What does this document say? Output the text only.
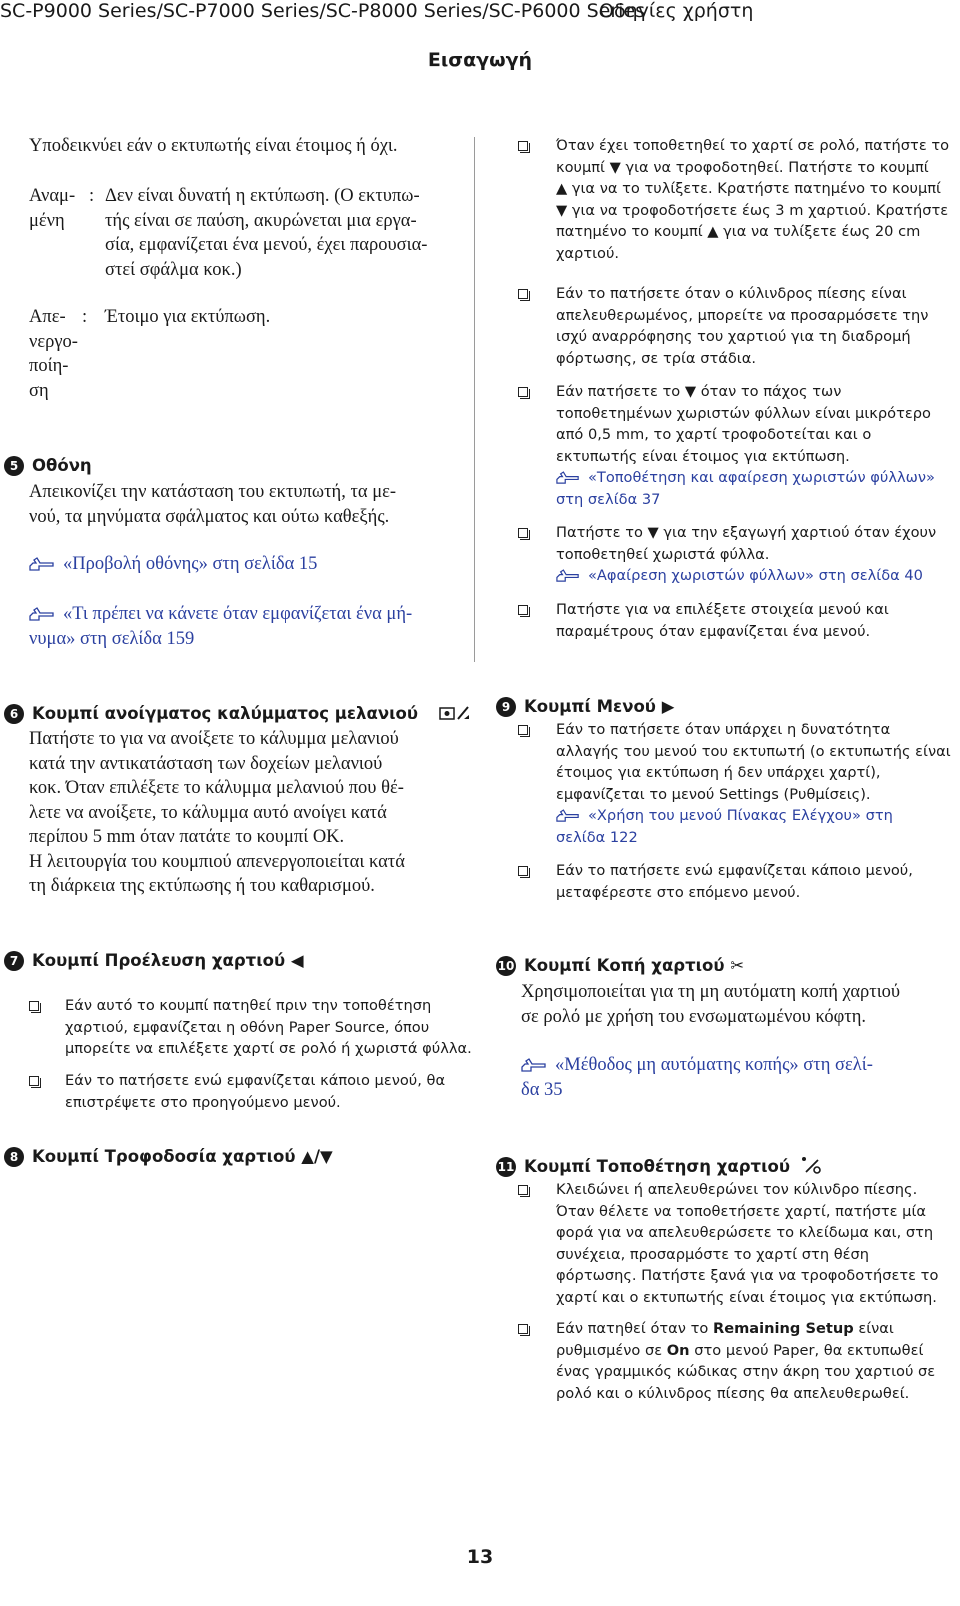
SC-P9000 Series/SC-P7000 Series/SC-P8000 Series/SC-P6000 Series
Οδηγίες χρήστη
Εισαγωγή
Υποδεικνύει εάν ο εκτυπωτής είναι έτοιμος ή όχι.
Αναμ-
μένη
: Δεν είναι δυνατή η εκτύπωση. (Ο εκτυπω-
τής είναι σε παύση, ακυρώνεται μια εργα-
σία, εμφανίζεται ένα μενού, έχει παρουσια-
στεί σφάλμα κοκ.)
Απε-
νεργο-
ποίη-
ση
: Έτοιμο για εκτύπωση.
5 Οθόνη
Απεικονίζει την κατάσταση του εκτυπωτή, τα με-
νού, τα μηνύματα σφάλματος και ούτω καθεξής.
«Προβολή οθόνης» στη σελίδα 15
«Τι πρέπει να κάνετε όταν εμφανίζεται ένα μή-
νυμα» στη σελίδα 159
Όταν έχει τοποθετηθεί το χαρτί σε ρολό, πατήστε το
κουμπί ▼ για να τροφοδοτηθεί. Πατήστε το κουμπί
▲ για να το τυλίξετε. Κρατήστε πατημένο το κουμπί
▼ για να τροφοδοτήσετε έως 3 m χαρτιού. Κρατήστε
πατημένο το κουμπί ▲ για να τυλίξετε έως 20 cm
χαρτιού.
Εάν το πατήσετε όταν ο κύλινδρος πίεσης είναι
απελευθερωμένος, μπορείτε να προσαρμόσετε την
ισχύ αναρρόφησης του χαρτιού για τη διαδρομή
φόρτωσης, σε τρία στάδια.
Εάν πατήσετε το ▼ όταν το πάχος των
τοποθετημένων χωριστών φύλλων είναι μικρότερο
από 0,5 mm, το χαρτί τροφοδοτείται και ο
εκτυπωτής είναι έτοιμος για εκτύπωση.
«Τοποθέτηση και αφαίρεση χωριστών φύλλων»
στη σελίδα 37
Πατήστε το ▼ για την εξαγωγή χαρτιού όταν έχουν
τοποθετηθεί χωριστά φύλλα.
«Αφαίρεση χωριστών φύλλων» στη σελίδα 40
Πατήστε για να επιλέξετε στοιχεία μενού και
παραμέτρους όταν εμφανίζεται ένα μενού.
6 Κουμπί ανοίγματος καλύμματος μελανιού
Πατήστε το για να ανοίξετε το κάλυμμα μελανιού
κατά την αντικατάσταση των δοχείων μελανιού
κοκ. Όταν επιλέξετε το κάλυμμα μελανιού που θέ-
λετε να ανοίξετε, το κάλυμμα αυτό ανοίγει κατά
περίπου 5 mm όταν πατάτε το κουμπί OK.
Η λειτουργία του κουμπιού απενεργοποιείται κατά
τη διάρκεια της εκτύπωσης ή του καθαρισμού.
7 Κουμπί Προέλευση χαρτιού ◀
Εάν αυτό το κουμπί πατηθεί πριν την τοποθέτηση
χαρτιού, εμφανίζεται η οθόνη Paper Source, όπου
μπορείτε να επιλέξετε χαρτί σε ρολό ή χωριστά φύλλα.
Εάν το πατήσετε ενώ εμφανίζεται κάποιο μενού, θα
επιστρέψετε στο προηγούμενο μενού.
8 Κουμπί Τροφοδοσία χαρτιού ▲/▼
9 Κουμπί Μενού ▶
Εάν το πατήσετε όταν υπάρχει η δυνατότητα
αλλαγής του μενού του εκτυπωτή (ο εκτυπωτής είναι
έτοιμος για εκτύπωση ή δεν υπάρχει χαρτί),
εμφανίζεται το μενού Settings (Ρυθμίσεις).
«Χρήση του μενού Πίνακας Ελέγχου» στη
σελίδα 122
Εάν το πατήσετε ενώ εμφανίζεται κάποιο μενού,
μεταφέρεστε στο επόμενο μενού.
10 Κουμπί Κοπή χαρτιού ✂
Χρησιμοποιείται για τη μη αυτόματη κοπή χαρτιού
σε ρολό με χρήση του ενσωματωμένου κόφτη.
«Μέθοδος μη αυτόματης κοπής» στη σελί-
δα 35
11 Κουμπί Τοποθέτηση χαρτιού
Κλειδώνει ή απελευθερώνει τον κύλινδρο πίεσης.
Όταν θέλετε να τοποθετήσετε χαρτί, πατήστε μία
φορά για να απελευθερώσετε το κλείδωμα και, στη
συνέχεια, προσαρμόστε το χαρτί στη θέση
φόρτωσης. Πατήστε ξανά για να τροφοδοτήσετε το
χαρτί και ο εκτυπωτής είναι έτοιμος για εκτύπωση.
Εάν πατηθεί όταν το Remaining Setup είναι
ρυθμισμένο σε On στο μενού Paper, θα εκτυπωθεί
ένας γραμμικός κώδικας στην άκρη του χαρτιού σε
ρολό και ο κύλινδρος πίεσης θα απελευθερωθεί.
13
